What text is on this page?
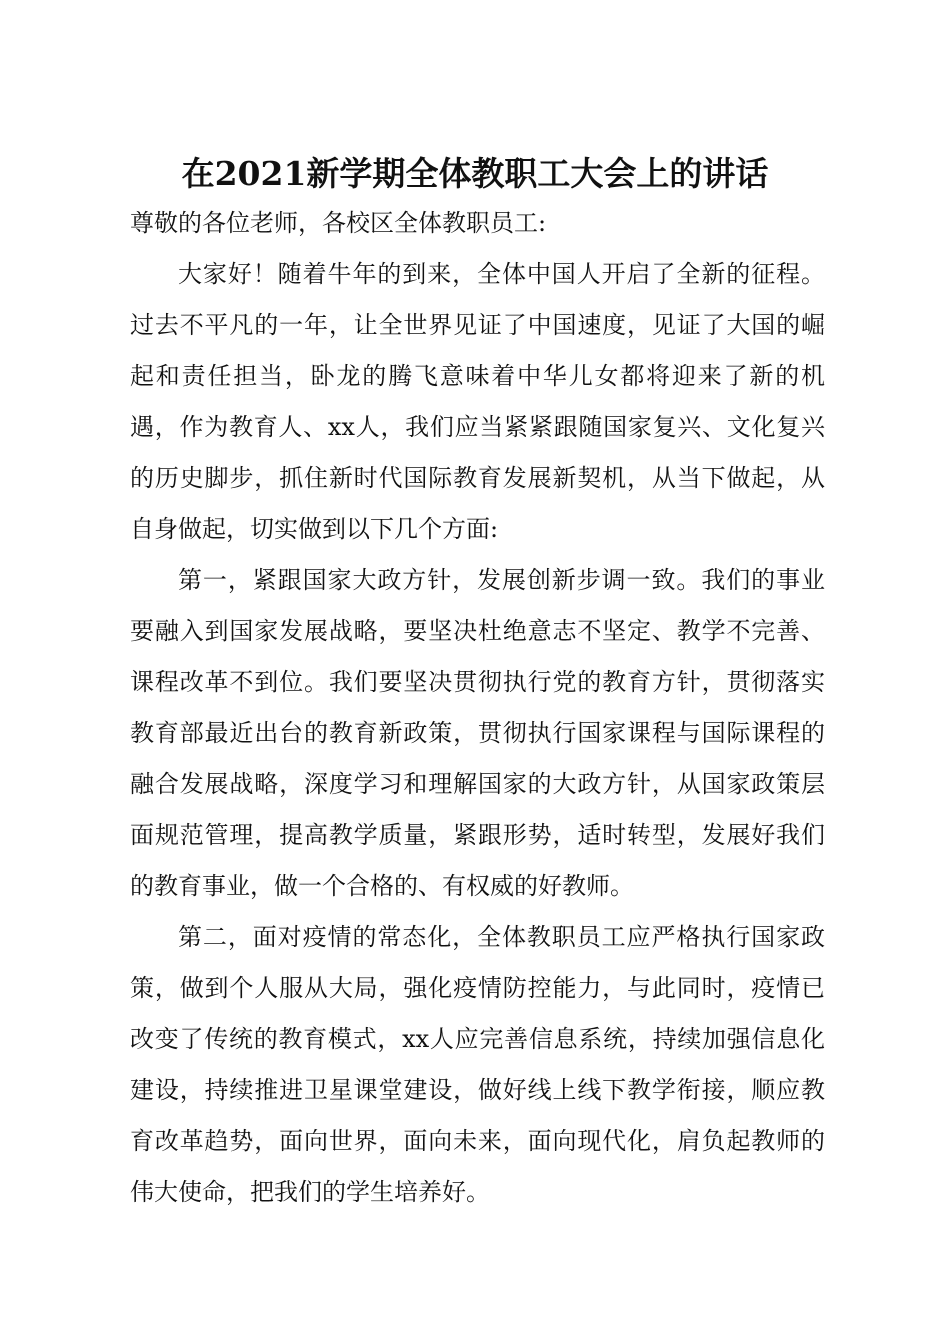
在2021新学期全体教职工大会上的讲话

尊敬的各位老师，各校区全体教职员工:

大家好！随着牛年的到来，全体中国人开启了全新的征程。过去不平凡的一年，让全世界见证了中国速度，见证了大国的崛起和责任担当，卧龙的腾飞意味着中华儿女都将迎来了新的机遇，作为教育人、xx人，我们应当紧紧跟随国家复兴、文化复兴的历史脚步，抓住新时代国际教育发展新契机，从当下做起，从自身做起，切实做到以下几个方面:

第一，紧跟国家大政方针，发展创新步调一致。我们的事业要融入到国家发展战略，要坚决杜绝意志不坚定、教学不完善、课程改革不到位。我们要坚决贯彻执行党的教育方针，贯彻落实教育部最近出台的教育新政策，贯彻执行国家课程与国际课程的融合发展战略，深度学习和理解国家的大政方针，从国家政策层面规范管理，提高教学质量，紧跟形势，适时转型，发展好我们的教育事业，做一个合格的、有权威的好教师。

第二，面对疫情的常态化，全体教职员工应严格执行国家政策，做到个人服从大局，强化疫情防控能力，与此同时，疫情已改变了传统的教育模式，xx人应完善信息系统，持续加强信息化建设，持续推进卫星课堂建设，做好线上线下教学衔接，顺应教育改革趋势，面向世界，面向未来，面向现代化，肩负起教师的伟大使命，把我们的学生培养好。
